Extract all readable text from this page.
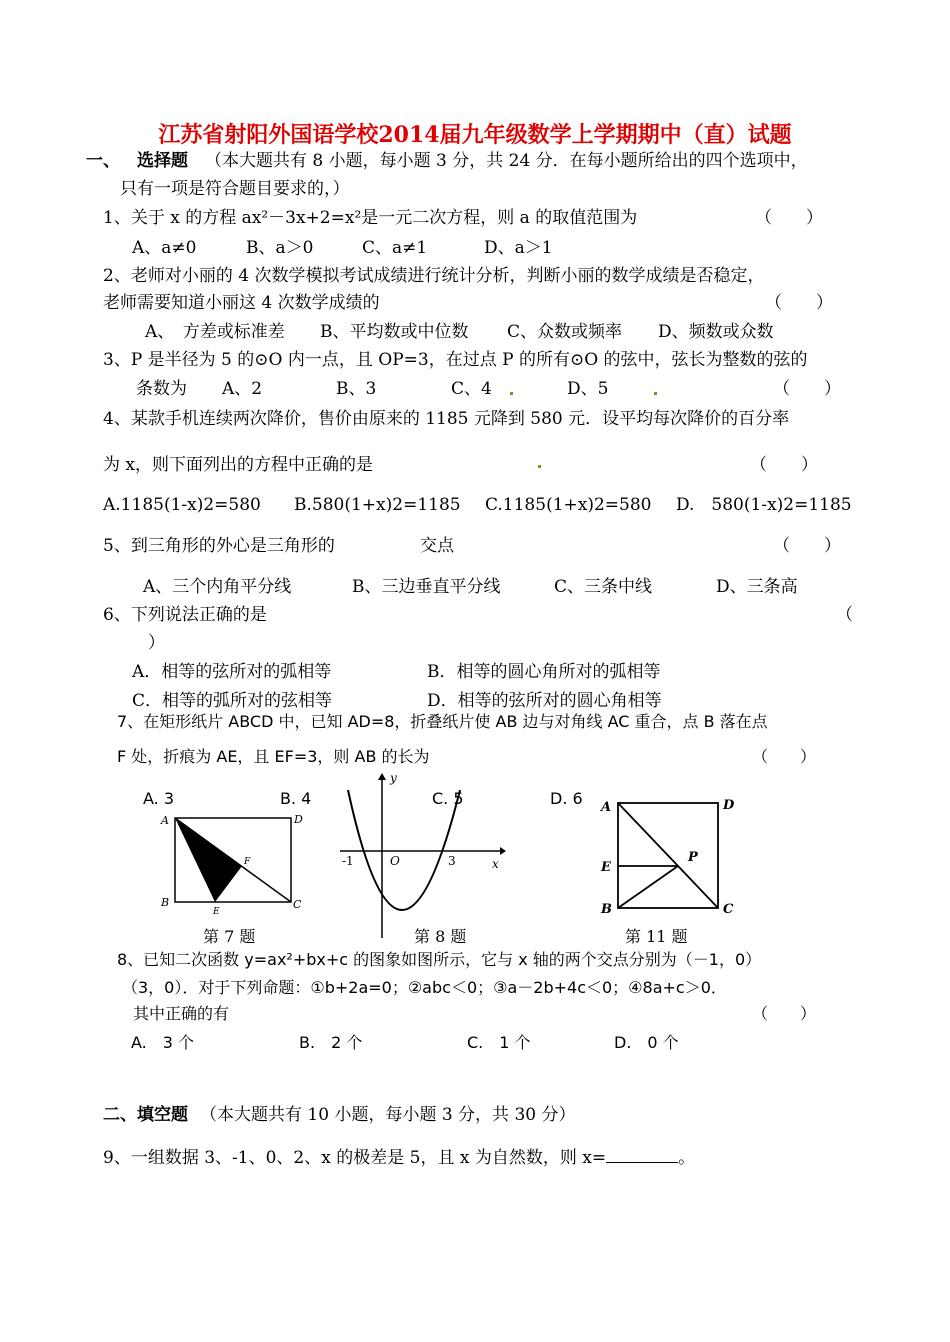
江苏省射阳外国语学校2014届九年级数学上学期期中（直）试题
一、 选择题 （本大题共有 8 小题，每小题 3 分，共 24 分．在每小题所给出的四个选项中，
只有一项是符合题目要求的，）
1、关于 x 的方程 ax²－3x+2=x²是一元二次方程，则 a 的取值范围为	（　　）
A、a≠0	B、a＞0	C、a≠1	D、a＞1
2、老师对小丽的 4 次数学模拟考试成绩进行统计分析，判断小丽的数学成绩是否稳定，
老师需要知道小丽这 4 次数学成绩的	（　　）
A、　方差或标准差 B、平均数或中位数 C、众数或频率 D、频数或众数
3、P 是半径为 5 的⊙O 内一点，且 OP=3，在过点 P 的所有⊙O 的弦中，弦长为整数的弦的
条数为 A、2	B、3	C、4	D、5	（　　）
4、某款手机连续两次降价，售价由原来的 1185 元降到 580 元．设平均每次降价的百分率
为 x，则下面列出的方程中正确的是	（　　）
A.1185(1-x)2=580 B.580(1+x)2=1185 C.1185(1+x)2=580 D.　580(1-x)2=1185
5、到三角形的外心是三角形的	交点	（　　）
A、三个内角平分线	B、三边垂直平分线	C、三条中线	D、三条高
6、下列说法正确的是	（
）
A．相等的弦所对的弧相等	B．相等的圆心角所对的弧相等
C．相等的弧所对的弦相等	D．相等的弦所对的圆心角相等
7、在矩形纸片 ABCD 中，已知 AD=8，折叠纸片使 AB 边与对角线 AC 重合，点 B 落在点
F 处，折痕为 AE，且 EF=3，则 AB 的长为	（　　）
A. 3	B. 4	C. 5	D. 6
A	D
B	C
F
E
第 7 题
y
x
O
-1	3
第 8 题
A	D
E
P
B	C
第 11 题
8、已知二次函数 y=ax²+bx+c 的图象如图所示，它与 x 轴的两个交点分别为（－1，0）
（3，0）．对于下列命题：①b+2a=0；②abc＜0；③a－2b+4c＜0；④8a+c＞0．
其中正确的有	（　　）
A.　3 个	B.　2 个	C.　1 个	D.　0 个
二、填空题 （本大题共有 10 小题，每小题 3 分，共 30 分）
9、一组数据 3、-1、0、2、x 的极差是 5，且 x 为自然数，则 x=	。
